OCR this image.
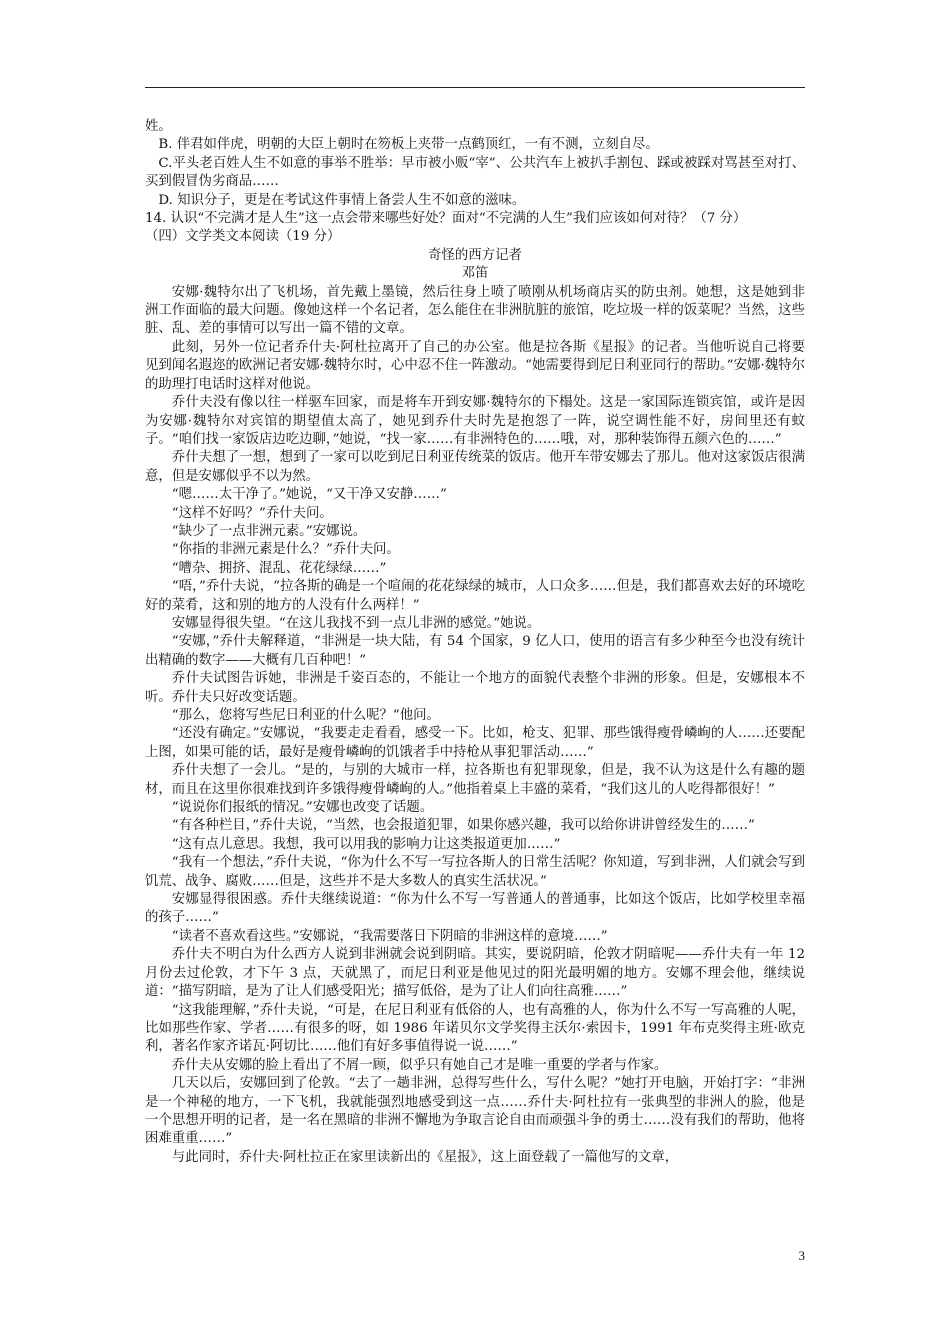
姓。

B. 伴君如伴虎，明朝的大臣上朝时在笏板上夹带一点鹤顶红，一有不测，立刻自尽。

C.平头老百姓人生不如意的事举不胜举：早市被小贩“宰”、公共汽车上被扒手割包、踩或被踩对骂甚至对打、买到假冒伪劣商品……

D. 知识分子，更是在考试这件事情上备尝人生不如意的滋味。

14. 认识“不完满才是人生”这一点会带来哪些好处？面对“不完满的人生”我们应该如何对待？（7 分）

（四）文学类文本阅读（19 分）

奇怪的西方记者

邓笛

安娜·魏特尔出了飞机场，首先戴上墨镜，然后往身上喷了喷刚从机场商店买的防虫剂。她想，这是她到非洲工作面临的最大问题。像她这样一个名记者，怎么能住在非洲肮脏的旅馆，吃垃圾一样的饭菜呢？当然，这些脏、乱、差的事情可以写出一篇不错的文章。

此刻，另外一位记者乔什夫·阿杜拉离开了自己的办公室。他是拉各斯《星报》的记者。当他听说自己将要见到闻名遐迩的欧洲记者安娜·魏特尔时，心中忍不住一阵激动。“她需要得到尼日利亚同行的帮助。”安娜·魏特尔的助理打电话时这样对他说。

乔什夫没有像以往一样驱车回家，而是将车开到安娜·魏特尔的下榻处。这是一家国际连锁宾馆，或许是因为安娜·魏特尔对宾馆的期望值太高了，她见到乔什夫时先是抱怨了一阵，说空调性能不好，房间里还有蚊子。“咱们找一家饭店边吃边聊，”她说，“找一家……有非洲特色的……哦，对，那种装饰得五颜六色的……”

乔什夫想了一想，想到了一家可以吃到尼日利亚传统菜的饭店。他开车带安娜去了那儿。他对这家饭店很满意，但是安娜似乎不以为然。

“嗯……太干净了。”她说，“又干净又安静……”

“这样不好吗？”乔什夫问。

“缺少了一点非洲元素。”安娜说。

“你指的非洲元素是什么？”乔什夫问。

“嘈杂、拥挤、混乱、花花绿绿……”

“唔，”乔什夫说，“拉各斯的确是一个喧闹的花花绿绿的城市，人口众多……但是，我们都喜欢去好的环境吃好的菜肴，这和别的地方的人没有什么两样！”

安娜显得很失望。“在这儿我找不到一点儿非洲的感觉。”她说。

“安娜，”乔什夫解释道，“非洲是一块大陆，有 54 个国家，9 亿人口，使用的语言有多少种至今也没有统计出精确的数字——大概有几百种吧！”

乔什夫试图告诉她，非洲是千姿百态的，不能让一个地方的面貌代表整个非洲的形象。但是，安娜根本不听。乔什夫只好改变话题。

“那么，您将写些尼日利亚的什么呢？”他问。

“还没有确定。”安娜说，“我要走走看看，感受一下。比如，枪支、犯罪、那些饿得瘦骨嶙峋的人……还要配上图，如果可能的话，最好是瘦骨嶙峋的饥饿者手中持枪从事犯罪活动……”

乔什夫想了一会儿。“是的，与别的大城市一样，拉各斯也有犯罪现象，但是，我不认为这是什么有趣的题材，而且在这里你很难找到许多饿得瘦骨嶙峋的人。”他指着桌上丰盛的菜肴，“我们这儿的人吃得都很好！”

“说说你们报纸的情况。”安娜也改变了话题。

“有各种栏目，”乔什夫说，“当然，也会报道犯罪，如果你感兴趣，我可以给你讲讲曾经发生的……”

“这有点儿意思。我想，我可以用我的影响力让这类报道更加……”

“我有一个想法，”乔什夫说，“你为什么不写一写拉各斯人的日常生活呢？你知道，写到非洲，人们就会写到饥荒、战争、腐败……但是，这些并不是大多数人的真实生活状况。”

安娜显得很困惑。乔什夫继续说道：“你为什么不写一写普通人的普通事，比如这个饭店，比如学校里幸福的孩子……”

“读者不喜欢看这些。”安娜说，“我需要落日下阴暗的非洲这样的意境……”

乔什夫不明白为什么西方人说到非洲就会说到阴暗。其实，要说阴暗，伦敦才阴暗呢——乔什夫有一年 12 月份去过伦敦，才下午 3 点，天就黑了，而尼日利亚是他见过的阳光最明媚的地方。安娜不理会他，继续说道：“描写阴暗，是为了让人们感受阳光；描写低俗，是为了让人们向往高雅……”

“这我能理解，”乔什夫说，“可是，在尼日利亚有低俗的人，也有高雅的人，你为什么不写一写高雅的人呢，比如那些作家、学者……有很多的呀，如 1986 年诺贝尔文学奖得主沃尔·索因卡，1991 年布克奖得主班·欧克利，著名作家齐诺瓦·阿切比……他们有好多事值得说一说……”

乔什夫从安娜的脸上看出了不屑一顾，似乎只有她自己才是唯一重要的学者与作家。

几天以后，安娜回到了伦敦。“去了一趟非洲，总得写些什么，写什么呢？”她打开电脑，开始打字：“非洲是一个神秘的地方，一下飞机，我就能强烈地感受到这一点……乔什夫·阿杜拉有一张典型的非洲人的脸，他是一个思想开明的记者，是一名在黑暗的非洲不懈地为争取言论自由而顽强斗争的勇士……没有我们的帮助，他将困难重重……”

与此同时，乔什夫·阿杜拉正在家里读新出的《星报》，这上面登载了一篇他写的文章，

3
